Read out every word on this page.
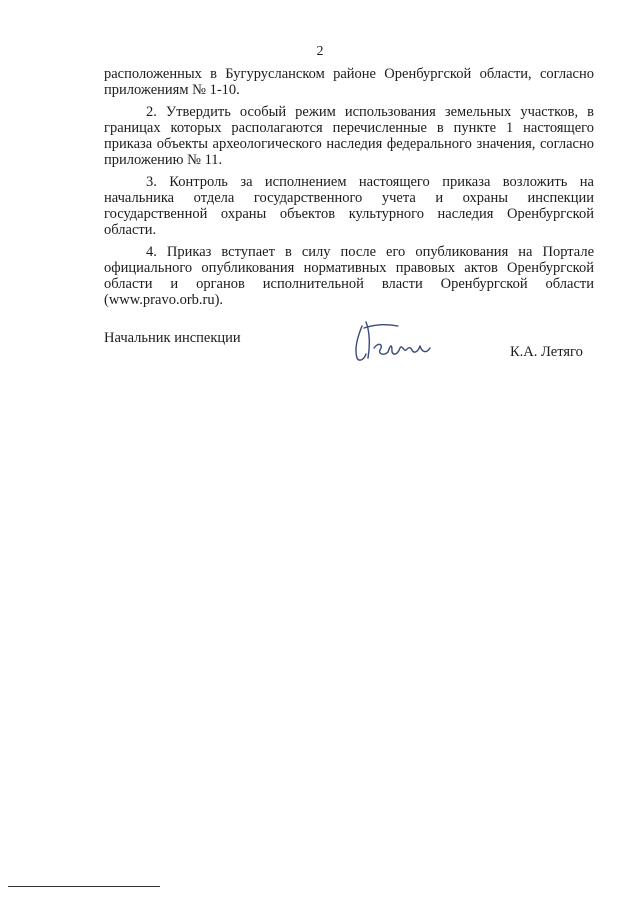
2

расположенных в Бугурусланском районе Оренбургской области, согласно приложениям № 1-10.

2. Утвердить особый режим использования земельных участков, в границах которых располагаются перечисленные в пункте 1 настоящего приказа объекты археологического наследия федерального значения, согласно приложению № 11.

3. Контроль за исполнением настоящего приказа возложить на начальника отдела государственного учета и охраны инспекции государственной охраны объектов культурного наследия Оренбургской области.

4. Приказ вступает в силу после его опубликования на Портале официального опубликования нормативных правовых актов Оренбургской области и органов исполнительной власти Оренбургской области (www.pravo.orb.ru).

Начальник инспекции
К.А. Летяго
